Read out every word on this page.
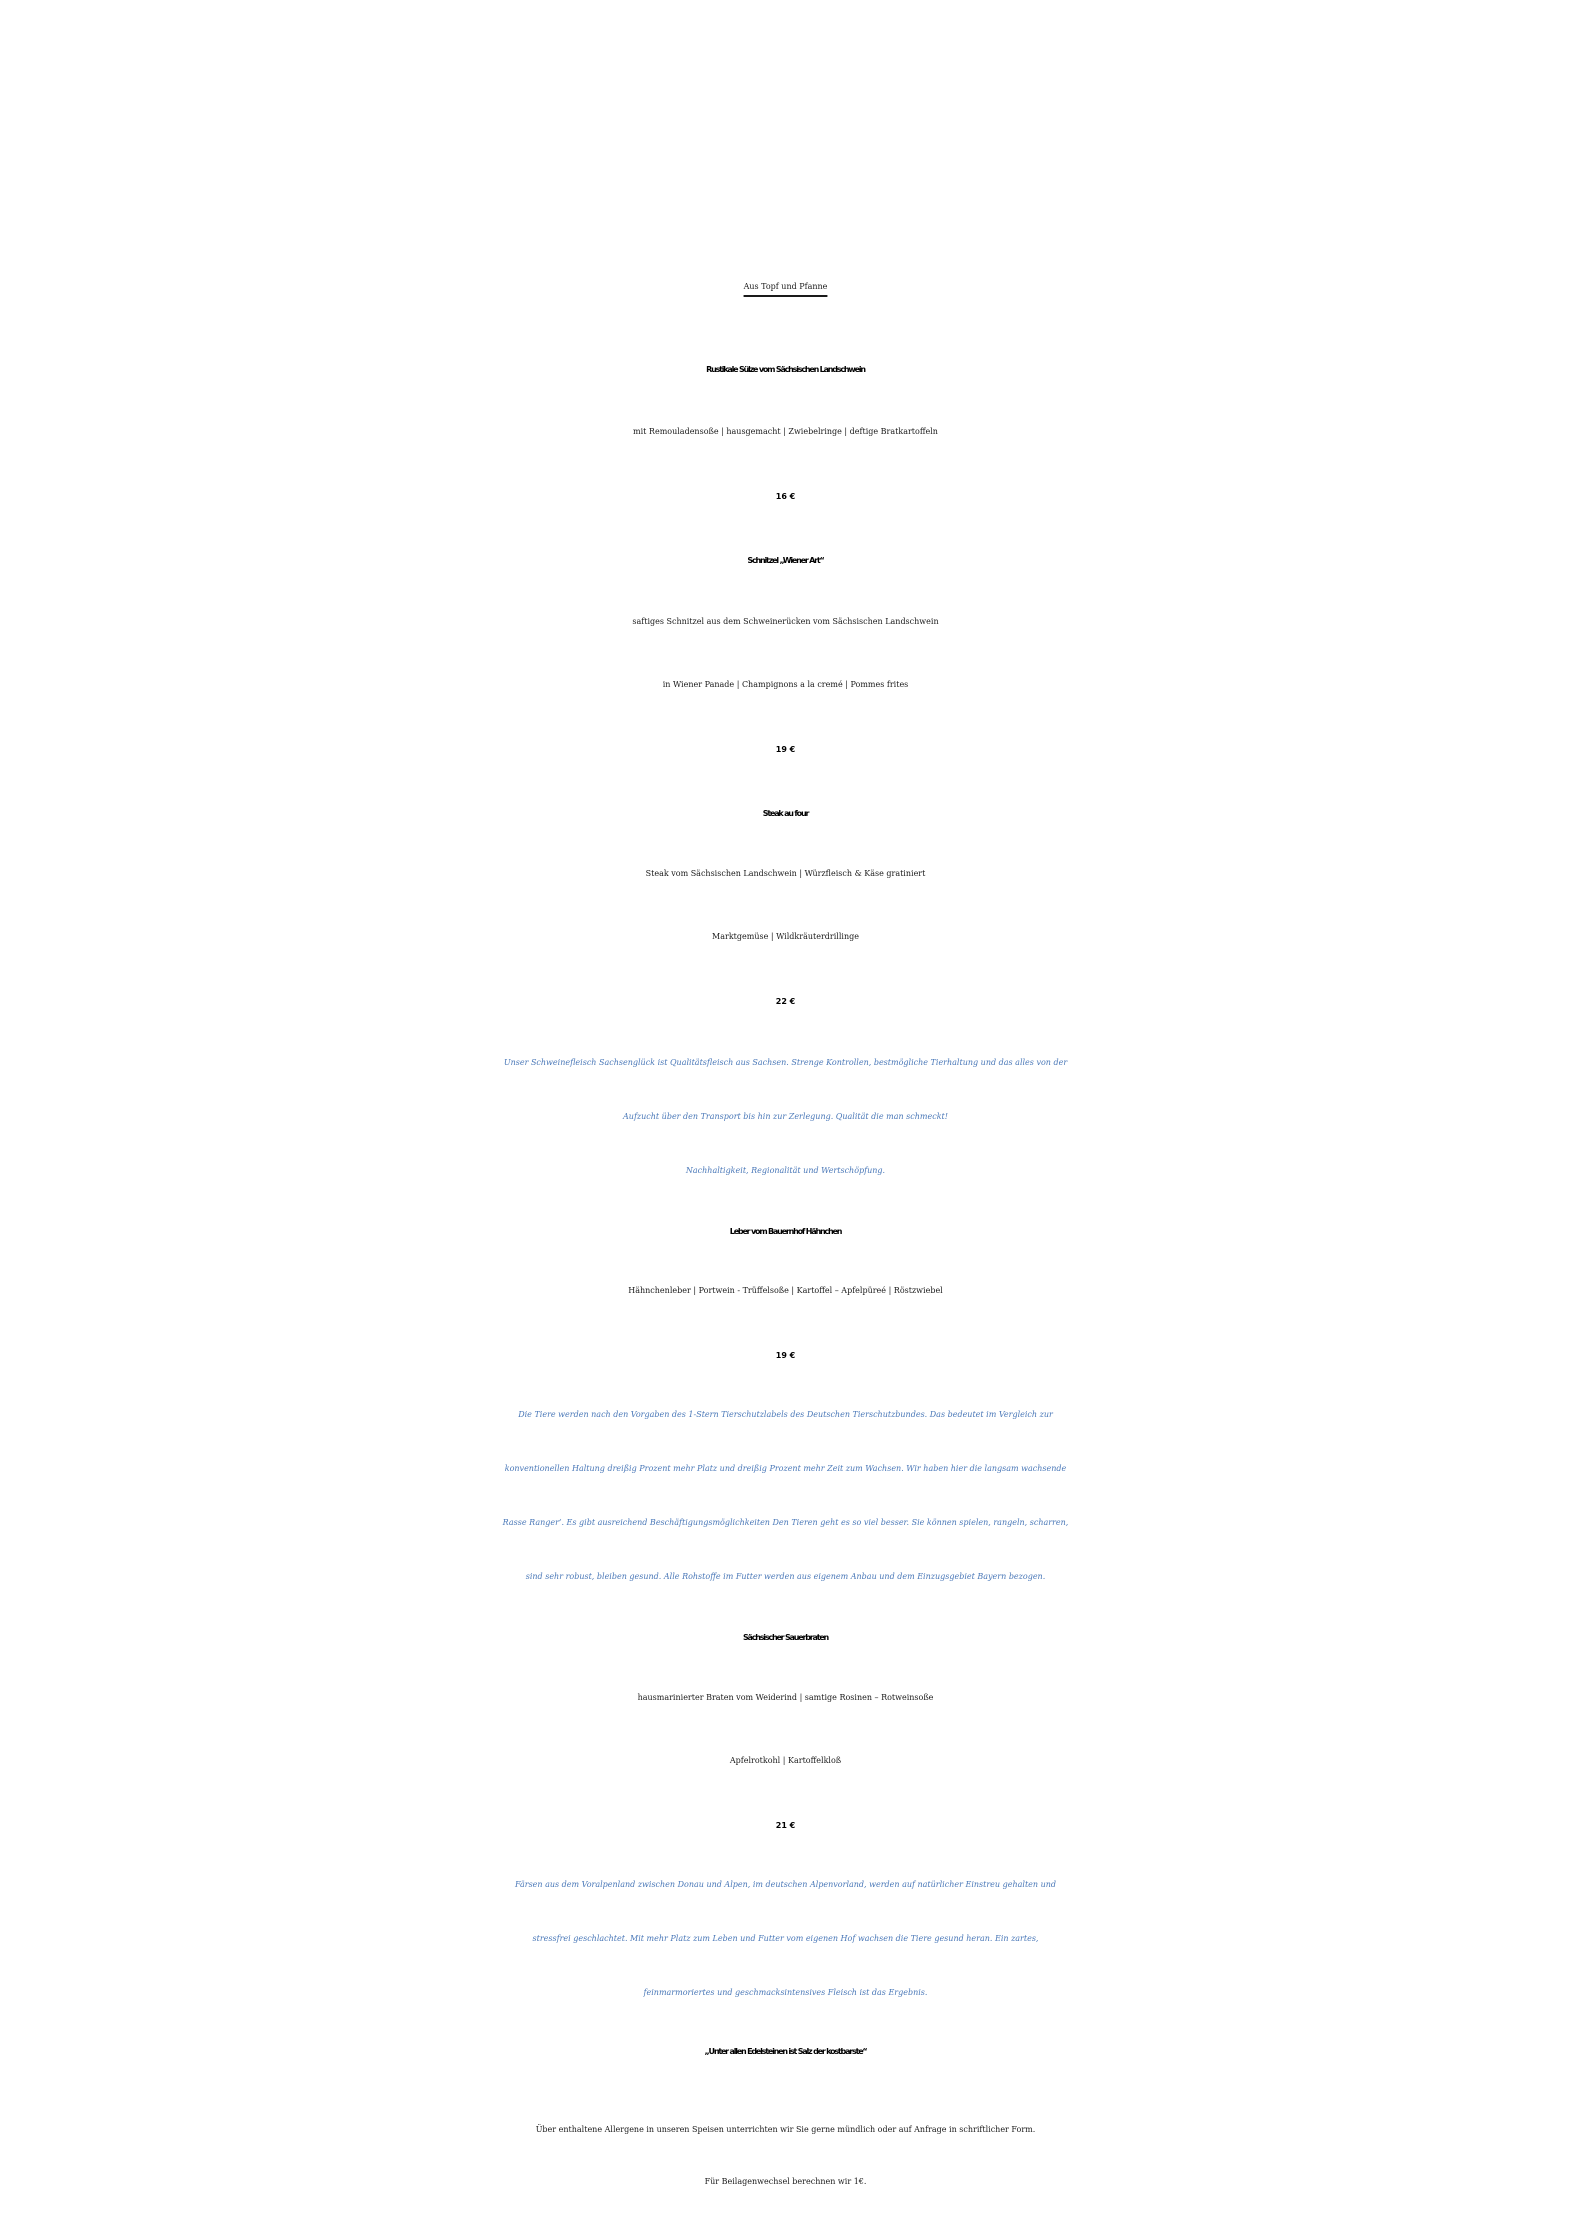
Aus Topf und Pfanne
Rustikale Sülze vom Sächsischen Landschwein
mit Remouladensoße | hausgemacht | Zwiebelringe | deftige Bratkartoffeln
16 €
Schnitzel „Wiener Art“
saftiges Schnitzel aus dem Schweinerücken vom Sächsischen Landschwein
in Wiener Panade | Champignons a la cremé | Pommes frites
19 €
Steak au four
Steak vom Sächsischen Landschwein | Würzfleisch & Käse gratiniert
Marktgemüse | Wildkräuterdrillinge
22 €
Unser Schweinefleisch Sachsenglück ist Qualitätsfleisch aus Sachsen. Strenge Kontrollen, bestmögliche Tierhaltung und das alles von der
Aufzucht über den Transport bis hin zur Zerlegung. Qualität die man schmeckt!
Nachhaltigkeit, Regionalität und Wertschöpfung.
Leber vom Bauernhof Hähnchen
Hähnchenleber | Portwein - Trüffelsoße | Kartoffel – Apfelpüreé | Röstzwiebel
19 €
Die Tiere werden nach den Vorgaben des 1-Stern Tierschutzlabels des Deutschen Tierschutzbundes. Das bedeutet im Vergleich zur
konventionellen Haltung dreißig Prozent mehr Platz und dreißig Prozent mehr Zeit zum Wachsen. Wir haben hier die langsam wachsende
Rasse Ranger‘. Es gibt ausreichend Beschäftigungsmöglichkeiten Den Tieren geht es so viel besser. Sie können spielen, rangeln, scharren,
sind sehr robust, bleiben gesund. Alle Rohstoffe im Futter werden aus eigenem Anbau und dem Einzugsgebiet Bayern bezogen.
Sächsischer Sauerbraten
hausmarinierter Braten vom Weiderind | samtige Rosinen – Rotweinsoße
Apfelrotkohl | Kartoffelkloß
21 €
Färsen aus dem Voralpenland zwischen Donau und Alpen, im deutschen Alpenvorland, werden auf natürlicher Einstreu gehalten und
stressfrei geschlachtet. Mit mehr Platz zum Leben und Futter vom eigenen Hof wachsen die Tiere gesund heran. Ein zartes,
feinmarmoriertes und geschmacksintensives Fleisch ist das Ergebnis.
„Unter allen Edelsteinen ist Salz der kostbarste“
Über enthaltene Allergene in unseren Speisen unterrichten wir Sie gerne mündlich oder auf Anfrage in schriftlicher Form.
Für Beilagenwechsel berechnen wir 1€.
